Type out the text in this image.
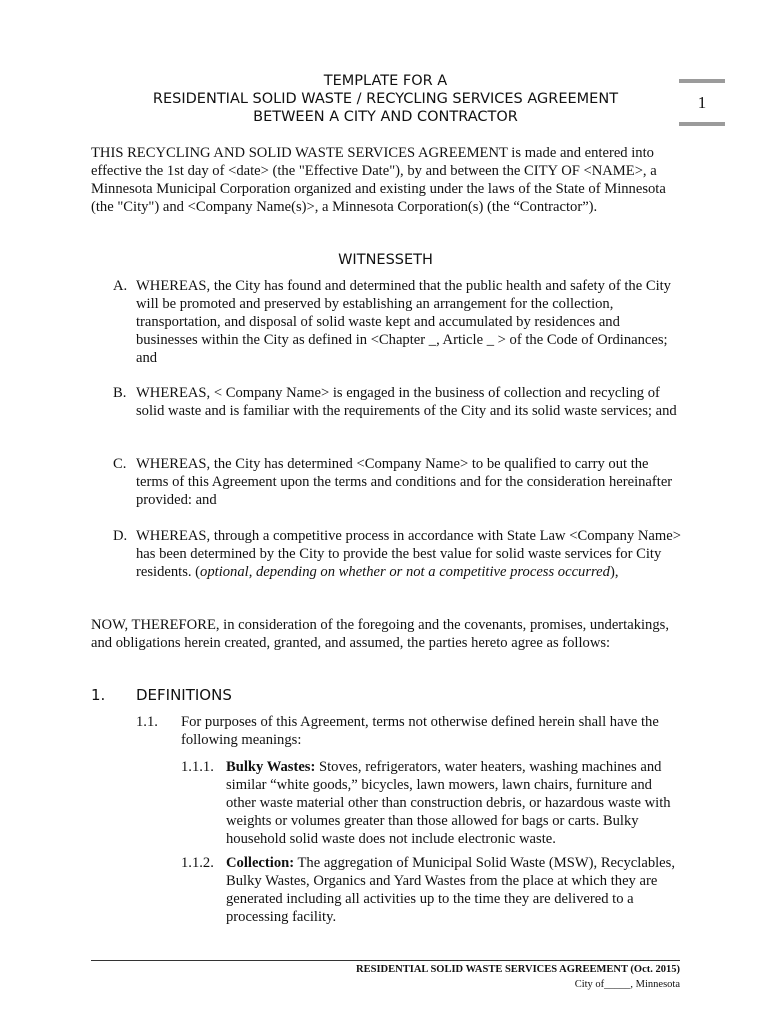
TEMPLATE FOR A
RESIDENTIAL SOLID WASTE / RECYCLING SERVICES AGREEMENT
BETWEEN A CITY AND CONTRACTOR
1
THIS RECYCLING AND SOLID WASTE SERVICES AGREEMENT is made and entered into effective the 1st day of <date> (the "Effective Date"), by and between the CITY OF <NAME>, a Minnesota Municipal Corporation organized and existing under the laws of the State of Minnesota (the "City") and <Company Name(s)>, a Minnesota Corporation(s) (the “Contractor”).
WITNESSETH
A. WHEREAS, the City has found and determined that the public health and safety of the City will be promoted and preserved by establishing an arrangement for the collection, transportation, and disposal of solid waste kept and accumulated by residences and businesses within the City as defined in <Chapter _, Article _ > of the Code of Ordinances; and
B. WHEREAS, < Company Name> is engaged in the business of collection and recycling of solid waste and is familiar with the requirements of the City and its solid waste services; and
C. WHEREAS, the City has determined <Company Name> to be qualified to carry out the terms of this Agreement upon the terms and conditions and for the consideration hereinafter provided: and
D. WHEREAS, through a competitive process in accordance with State Law <Company Name> has been determined by the City to provide the best value for solid waste services for City residents. (optional, depending on whether or not a competitive process occurred),
NOW, THEREFORE, in consideration of the foregoing and the covenants, promises, undertakings, and obligations herein created, granted, and assumed, the parties hereto agree as follows:
1. DEFINITIONS
1.1. For purposes of this Agreement, terms not otherwise defined herein shall have the following meanings:
1.1.1. Bulky Wastes: Stoves, refrigerators, water heaters, washing machines and similar “white goods,” bicycles, lawn mowers, lawn chairs, furniture and other waste material other than construction debris, or hazardous waste with weights or volumes greater than those allowed for bags or carts. Bulky household solid waste does not include electronic waste.
1.1.2. Collection: The aggregation of Municipal Solid Waste (MSW), Recyclables, Bulky Wastes, Organics and Yard Wastes from the place at which they are generated including all activities up to the time they are delivered to a processing facility.
RESIDENTIAL SOLID WASTE SERVICES AGREEMENT (Oct. 2015)
City of_____, Minnesota
